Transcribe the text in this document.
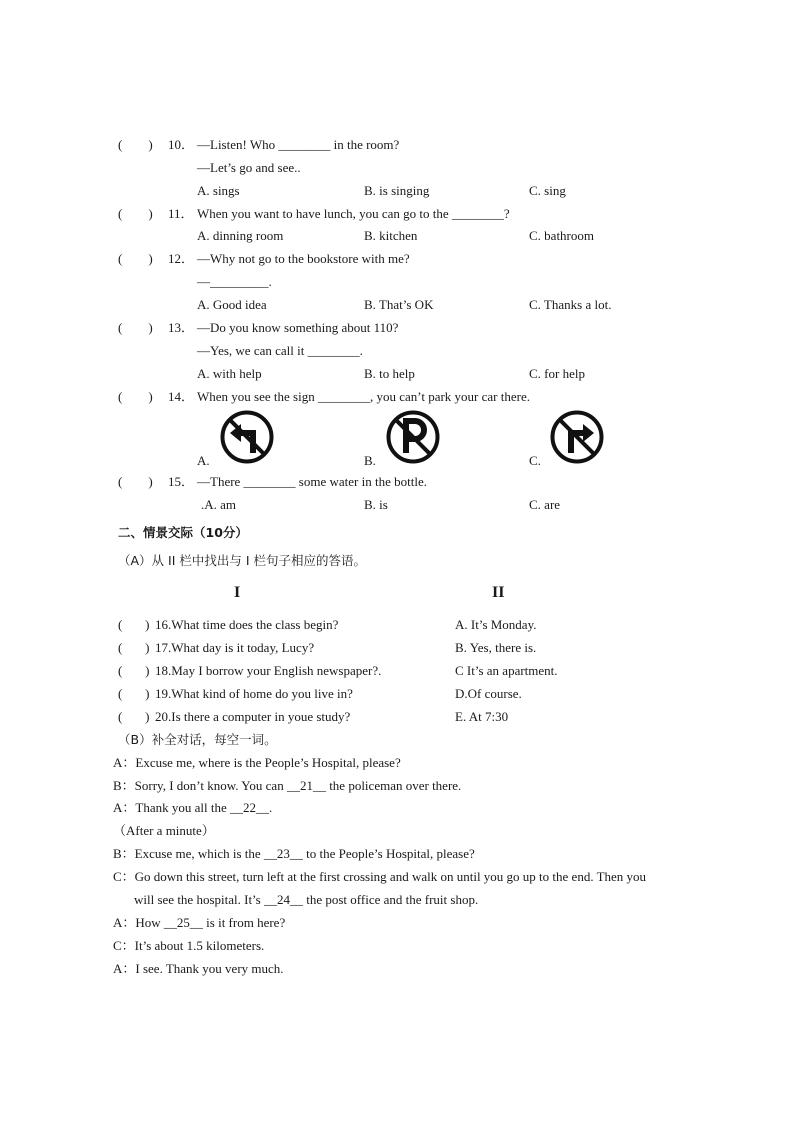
(        ) 10． —Listen! Who ________ in the room?
—Let’s go and see..
A. sings	B. is singing	C. sing
(        ) 11． When you want to have lunch, you can go to the ________?
A. dinning room	B. kitchen	C. bathroom
(        ) 12． —Why not go to the bookstore with me?
—_________.
A. Good idea	B. That’s OK	C. Thanks a lot.
(        ) 13． —Do you know something about 110?
—Yes, we can call it ________.
A. with help	B. to help	C. for help
(        ) 14． When you see the sign ________, you can’t park your car there.
A.	B.	C.
(        ) 15． —There ________ some water in the bottle.
.A. am	B. is	C. are
二、情景交际（10分）
（A）从 II 栏中找出与 I 栏句子相应的答语。
I	II
(       ) 16.What time does the class begin?	A. It’s Monday.
(       ) 17.What day is it today, Lucy?	B. Yes, there is.
(       ) 18.May I borrow your English newspaper?.	C It’s an apartment.
(       ) 19.What kind of home do you live in?	D.Of course.
(       ) 20.Is there a computer in youe study?	E. At 7:30
（B）补全对话，每空一词。
A：Excuse me, where is the People’s Hospital, please?
B：Sorry, I don’t know. You can __21__ the policeman over there.
A：Thank you all the __22__.
（After a minute）
B：Excuse me, which is the __23__ to the People’s Hospital, please?
C：Go down this street, turn left at the first crossing and walk on until you go up to the end. Then you
will see the hospital. It’s __24__ the post office and the fruit shop.
A：How __25__ is it from here?
C：It’s about 1.5 kilometers.
A：I see. Thank you very much.
